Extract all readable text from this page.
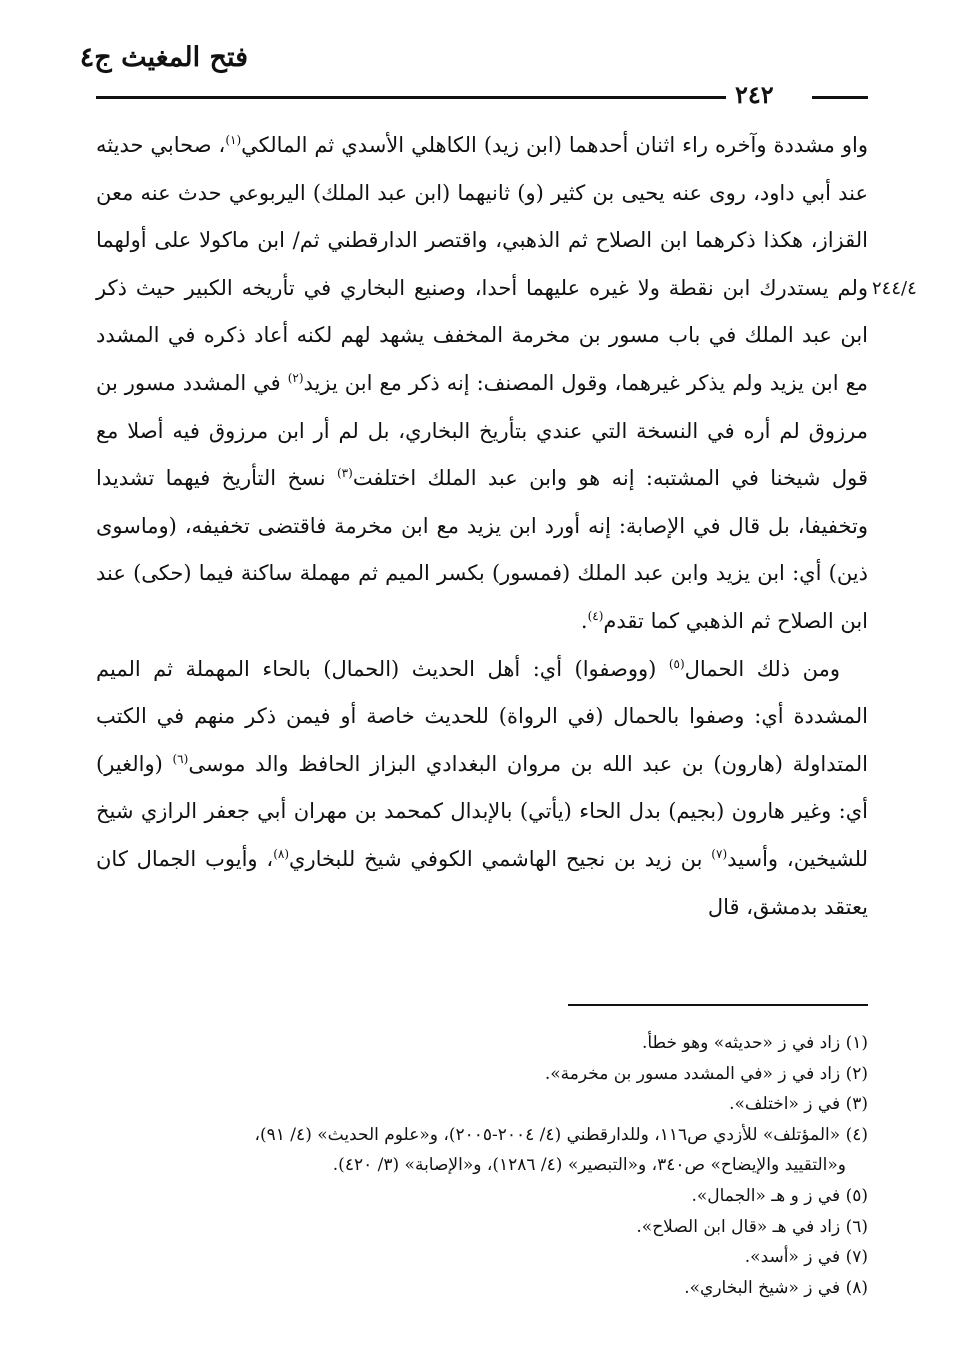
فتح المغيث ج٤
٢٤٢
٢٤٤/٤

واو مشددة وآخره راء اثنان أحدهما (ابن زيد) الكاهلي الأسدي ثم المالكي$^{(١)}$، صحابي حديثه عند أبي داود، روى عنه يحيى بن كثير (و) ثانيهما (ابن عبد الملك) اليربوعي حدث عنه معن القزاز، هكذا ذكرهما ابن الصلاح ثم الذهبي، واقتصر الدارقطني ثم/ ابن ماكولا على أولهما ولم يستدرك ابن نقطة ولا غيره عليهما أحدا، وصنيع البخاري في تأريخه الكبير حيث ذكر ابن عبد الملك في باب مسور بن مخرمة المخفف يشهد لهم لكنه أعاد ذكره في المشدد مع ابن يزيد ولم يذكر غيرهما، وقول المصنف: إنه ذكر مع ابن يزيد$^{(٢)}$ في المشدد مسور بن مرزوق لم أره في النسخة التي عندي بتأريخ البخاري، بل لم أر ابن مرزوق فيه أصلا مع قول شيخنا في المشتبه: إنه هو وابن عبد الملك اختلفت$^{(٣)}$ نسخ التأريخ فيهما تشديدا وتخفيفا، بل قال في الإصابة: إنه أورد ابن يزيد مع ابن مخرمة فاقتضى تخفيفه، (وماسوى ذين) أي: ابن يزيد وابن عبد الملك (فمسور) بكسر الميم ثم مهملة ساكنة فيما (حكى) عند ابن الصلاح ثم الذهبي كما تقدم$^{(٤)}$.

ومن ذلك الحمال$^{(٥)}$ (ووصفوا) أي: أهل الحديث (الحمال) بالحاء المهملة ثم الميم المشددة أي: وصفوا بالحمال (في الرواة) للحديث خاصة أو فيمن ذكر منهم في الكتب المتداولة (هارون) بن عبد الله بن مروان البغدادي البزاز الحافظ والد موسى$^{(٦)}$ (والغير) أي: وغير هارون (بجيم) بدل الحاء (يأتي) بالإبدال كمحمد بن مهران أبي جعفر الرازي شيخ للشيخين، وأسيد$^{(٧)}$ بن زيد بن نجيح الهاشمي الكوفي شيخ للبخاري$^{(٨)}$، وأيوب الجمال كان يعتقد بدمشق، قال

(١) زاد في ز «حديثه» وهو خطأ.

(٢) زاد في ز «في المشدد مسور بن مخرمة».

(٣) في ز «اختلف».

(٤) «المؤتلف» للأزدي ص١١٦، وللدارقطني (٤/ ٢٠٠٤-٢٠٠٥)، و«علوم الحديث» (٤/ ٩١)،
و«التقييد والإيضاح» ص٣٤٠، و«التبصير» (٤/ ١٢٨٦)، و«الإصابة» (٣/ ٤٢٠).

(٥) في ز و هـ «الجمال».

(٦) زاد في هـ «قال ابن الصلاح».

(٧) في ز «أسد».

(٨) في ز «شيخ البخاري».
